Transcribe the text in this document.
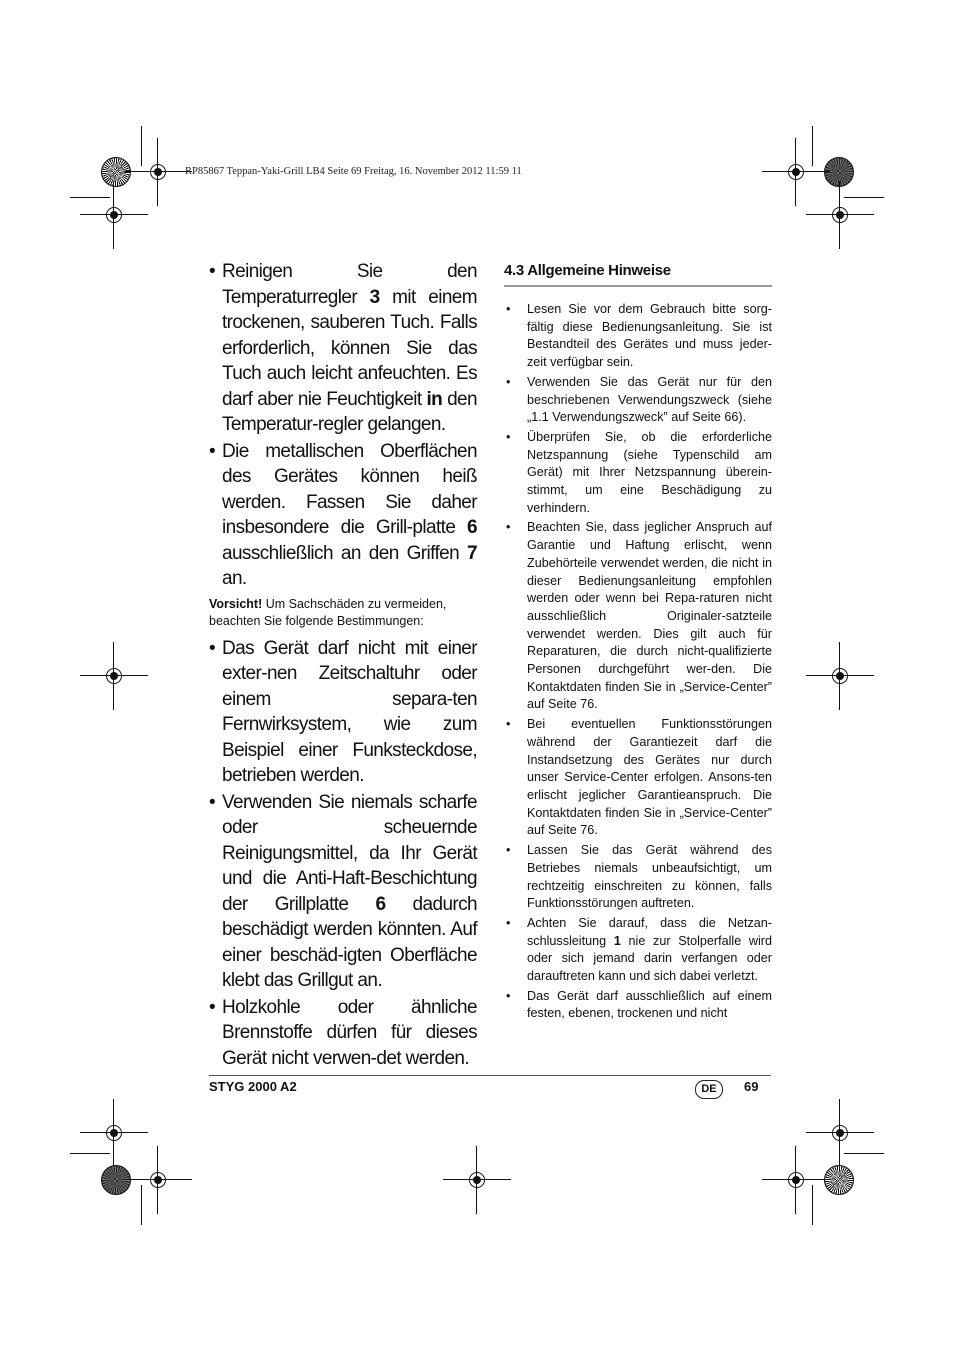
RP85867 Teppan-Yaki-Grill LB4 Seite 69 Freitag, 16. November 2012 11:59 11

• Reinigen Sie den Temperaturregler 3 mit einem trockenen, sauberen Tuch. Falls erforderlich, können Sie das Tuch auch leicht anfeuchten. Es darf aber nie Feuchtigkeit in den Temperatur-regler gelangen.

• Die metallischen Oberflächen des Gerätes können heiß werden. Fassen Sie daher insbesondere die Grill-platte 6 ausschließlich an den Griffen 7 an.

Vorsicht! Um Sachschäden zu vermeiden, beachten Sie folgende Bestimmungen:

• Das Gerät darf nicht mit einer exter-nen Zeitschaltuhr oder einem separa-ten Fernwirksystem, wie zum Beispiel einer Funksteckdose, betrieben werden.

• Verwenden Sie niemals scharfe oder scheuernde Reinigungsmittel, da Ihr Gerät und die Anti-Haft-Beschichtung der Grillplatte 6 dadurch beschädigt werden könnten. Auf einer beschäd-igten Oberfläche klebt das Grillgut an.

• Holzkohle oder ähnliche Brennstoffe dürfen für dieses Gerät nicht verwen-det werden.

4.3 Allgemeine Hinweise

• Lesen Sie vor dem Gebrauch bitte sorg-fältig diese Bedienungsanleitung. Sie ist Bestandteil des Gerätes und muss jeder-zeit verfügbar sein.

• Verwenden Sie das Gerät nur für den beschriebenen Verwendungszweck (siehe „1.1 Verwendungszweck” auf Seite 66).

• Überprüfen Sie, ob die erforderliche Netzspannung (siehe Typenschild am Gerät) mit Ihrer Netzspannung überein-stimmt, um eine Beschädigung zu verhindern.

• Beachten Sie, dass jeglicher Anspruch auf Garantie und Haftung erlischt, wenn Zubehörteile verwendet werden, die nicht in dieser Bedienungsanleitung empfohlen werden oder wenn bei Repa-raturen nicht ausschließlich Originaler-satzteile verwendet werden. Dies gilt auch für Reparaturen, die durch nicht-qualifizierte Personen durchgeführt wer-den. Die Kontaktdaten finden Sie in „Service-Center” auf Seite 76.

• Bei eventuellen Funktionsstörungen während der Garantiezeit darf die Instandsetzung des Gerätes nur durch unser Service-Center erfolgen. Ansons-ten erlischt jeglicher Garantieanspruch. Die Kontaktdaten finden Sie in „Service-Center” auf Seite 76.

• Lassen Sie das Gerät während des Betriebes niemals unbeaufsichtigt, um rechtzeitig einschreiten zu können, falls Funktionsstörungen auftreten.

• Achten Sie darauf, dass die Netzan-schlussleitung 1 nie zur Stolperfalle wird oder sich jemand darin verfangen oder darauftreten kann und sich dabei verletzt.

• Das Gerät darf ausschließlich auf einem festen, ebenen, trockenen und nicht

STYG 2000 A2	DE	69
